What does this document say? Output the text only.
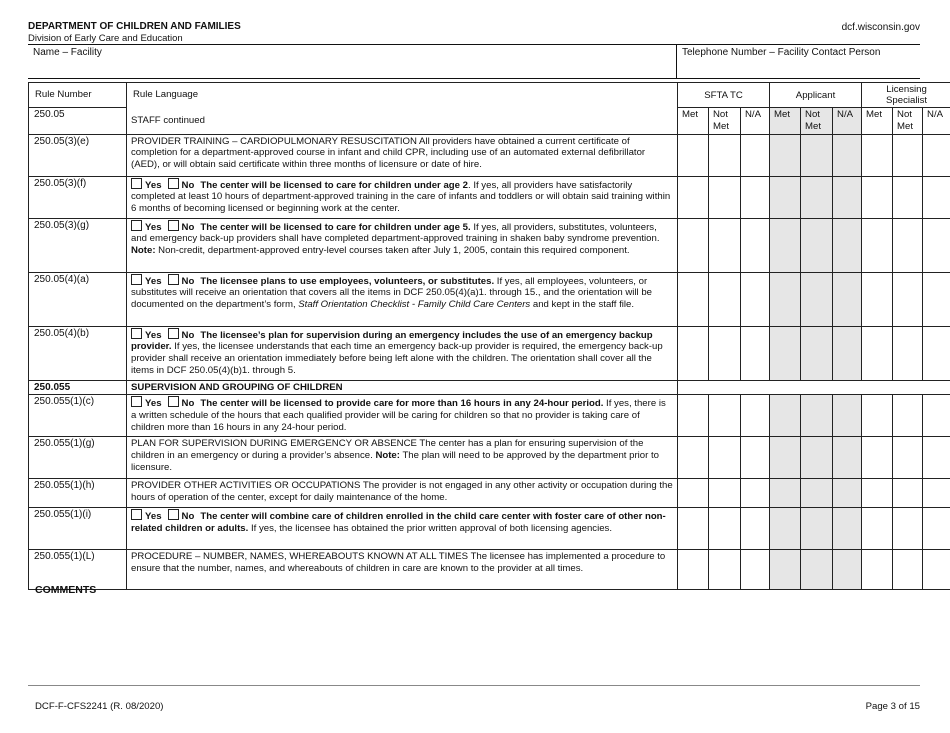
DEPARTMENT OF CHILDREN AND FAMILIES
Division of Early Care and Education
dcf.wisconsin.gov
Name – Facility	Telephone Number – Facility Contact Person
Rule Number	Rule Language	SFTA TC			Applicant			Licensing Specialist		
250.05	STAFF continued	Met	Not Met	N/A	Met	Not Met	N/A	Met	Not Met	N/A
250.05(3)(e)	PROVIDER TRAINING – CARDIOPULMONARY RESUSCITATION All providers have obtained a current certificate of completion for a department-approved course in infant and child CPR, including use of an automated external defibrillator (AED), or will obtain said certificate within three months of licensure or date of hire.									
250.05(3)(f)	Yes No The center will be licensed to care for children under age 2. If yes, all providers have satisfactorily completed at least 10 hours of department-approved training in the care of infants and toddlers or will obtain said training within 6 months of becoming licensed or beginning work at the center.									
250.05(3)(g)	Yes No The center will be licensed to care for children under age 5. If yes, all providers, substitutes, volunteers, and emergency back-up providers shall have completed department-approved training in shaken baby syndrome prevention. Note: Non-credit, department-approved entry-level courses taken after July 1, 2005, contain this required component.									
250.05(4)(a)	Yes No The licensee plans to use employees, volunteers, or substitutes. If yes, all employees, volunteers, or substitutes will receive an orientation that covers all the items in DCF 250.05(4)(a)1. through 15., and the orientation will be documented on the department’s form, Staff Orientation Checklist - Family Child Care Centers and kept in the staff file.									
250.05(4)(b)	Yes No The licensee’s plan for supervision during an emergency includes the use of an emergency backup provider. If yes, the licensee understands that each time an emergency back-up provider is required, the emergency back-up provider shall receive an orientation immediately before being left alone with the children. The orientation shall cover all the items in DCF 250.05(4)(b)1. through 5.									
250.055	SUPERVISION AND GROUPING OF CHILDREN									
250.055(1)(c)	Yes No The center will be licensed to provide care for more than 16 hours in any 24-hour period. If yes, there is a written schedule of the hours that each qualified provider will be caring for children so that no provider is taking care of children more than 16 hours in any 24-hour period.									
250.055(1)(g)	PLAN FOR SUPERVISION DURING EMERGENCY OR ABSENCE The center has a plan for ensuring supervision of the children in an emergency or during a provider’s absence. Note: The plan will need to be approved by the department prior to licensure.									
250.055(1)(h)	PROVIDER OTHER ACTIVITIES OR OCCUPATIONS The provider is not engaged in any other activity or occupation during the hours of operation of the center, except for daily maintenance of the home.									
250.055(1)(i)	Yes No The center will combine care of children enrolled in the child care center with foster care of other non-related children or adults. If yes, the licensee has obtained the prior written approval of both licensing agencies.									
250.055(1)(L)	PROCEDURE – NUMBER, NAMES, WHEREABOUTS KNOWN AT ALL TIMES The licensee has implemented a procedure to ensure that the number, names, and whereabouts of children in care are known to the provider at all times.									
COMMENTS
DCF-F-CFS2241 (R. 08/2020)	Page 3 of 15
